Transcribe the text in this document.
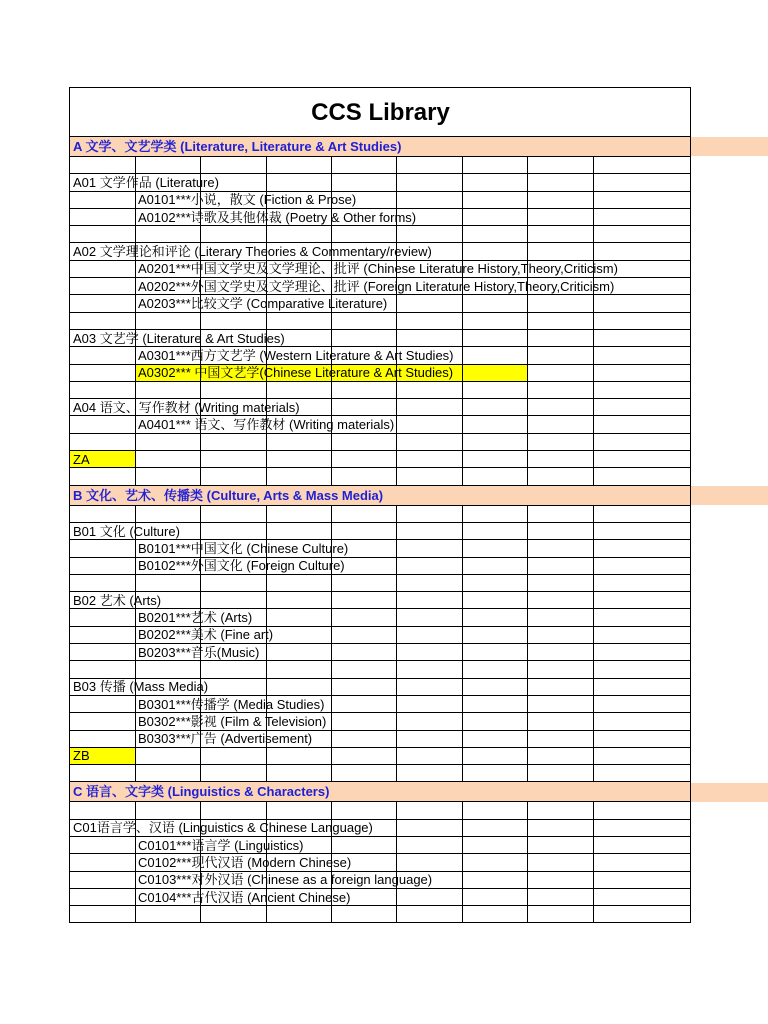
CCS Library
A 文学、文艺学类 (Literature, Literature & Art Studies)
A01 文学作品 (Literature)
A0101***小说，散文 (Fiction & Prose)
A0102***诗歌及其他体裁 (Poetry & Other forms)
A02 文学理论和评论 (Literary Theories & Commentary/review)
A0201***中国文学史及文学理论、批评 (Chinese Literature History,Theory,Criticism)
A0202***外国文学史及文学理论、批评 (Foreign Literature History,Theory,Criticism)
A0203***比较文学 (Comparative Literature)
A03 文艺学 (Literature & Art Studies)
A0301***西方文艺学 (Western Literature & Art Studies)
A0302*** 中国文艺学(Chinese Literature & Art Studies)
A04 语文、写作教材 (Writing materials)
A0401*** 语文、写作教材 (Writing materials)
ZA
B 文化、艺术、传播类 (Culture, Arts & Mass Media)
B01 文化 (Culture)
B0101***中国文化 (Chinese Culture)
B0102***外国文化 (Foreign Culture)
B02 艺术 (Arts)
B0201***艺术 (Arts)
B0202***美术 (Fine art)
B0203***音乐(Music)
B03 传播 (Mass Media)
B0301***传播学 (Media Studies)
B0302***影视 (Film & Television)
B0303***广告 (Advertisement)
ZB
C 语言、文字类 (Linguistics & Characters)
C01语言学、汉语 (Linguistics & Chinese Language)
C0101***语言学 (Linguistics)
C0102***现代汉语 (Modern Chinese)
C0103***对外汉语 (Chinese as a foreign language)
C0104***古代汉语 (Ancient Chinese)
